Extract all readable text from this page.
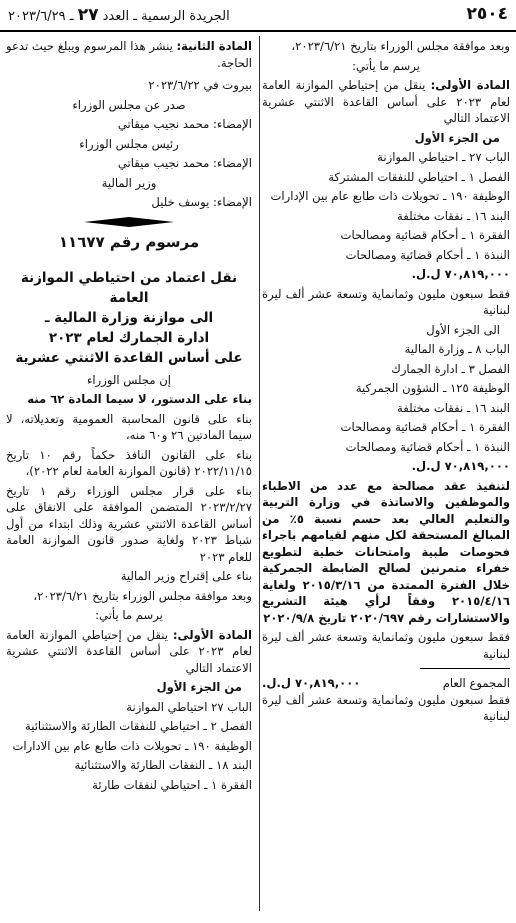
٢٥٠٤
الجريدة الرسمية ـ العدد ٢٧ ـ ٢٠٢٣/٦/٢٩

وبعد موافقة مجلس الوزراء بتاريخ ٢٠٢٣/٦/٢١،

يرسم ما يأتي:

المادة الأولى: ينقل من إحتياطي الموازنة العامة لعام ٢٠٢٣ على أساس القاعدة الاثنتي عشرية الاعتماد التالي

من الجزء الأول

الباب ٢٧ ـ احتياطي الموازنة

الفصل ١ ـ احتياطي للنفقات المشتركة

الوظيفة ١٩٠ ـ تحويلات ذات طابع عام بين الإدارات

البند ١٦ ـ نفقات مختلفة

الفقرة ١ ـ أحكام قضائية ومصالحات

النبذة ١ ـ أحكام قضائية ومصالحات

٧٠,٨١٩,٠٠٠ ل.ل.

فقط سبعون مليون وثمانماية وتسعة عشر ألف ليرة لبنانية

الى الجزء الأول

الباب ٨ ـ وزارة المالية

الفصل ٣ ـ ادارة الجمارك

الوظيفة ١٢٥ ـ الشؤون الجمركية

البند ١٦ ـ نفقات مختلفة

الفقرة ١ ـ أحكام قضائية ومصالحات

النبذة ١ ـ أحكام قضائية ومصالحات

٧٠,٨١٩,٠٠٠ ل.ل.

لتنفيذ عقد مصالحة مع عدد من الاطباء والموظفين والاساتذة في وزارة التربية والتعليم العالي بعد حسم نسبة ٥٪ من المبالغ المستحقة لكل منهم لقيامهم باجراء فحوصات طبية وامتحانات خطية لتطويع خفراء متمرنين لصالح الضابطة الجمركية خلال الفترة الممتدة من ٢٠١٥/٣/١٦ ولغاية ٢٠١٥/٤/١٦ وفقاً لرأي هيئة التشريع والاستشارات رقم ٢٠٢٠/٦٩٧ تاريخ ٢٠٢٠/٩/٨

فقط سبعون مليون وثمانماية وتسعة عشر ألف ليرة لبنانية

المجموع العام
٧٠,٨١٩,٠٠٠ ل.ل.

فقط سبعون مليون وثمانماية وتسعة عشر ألف ليرة لبنانية

المادة الثانية: ينشر هذا المرسوم ويبلغ حيث تدعو الحاجة.

بيروت في ٢٠٢٣/٦/٢٢

صدر عن مجلس الوزراء

الإمضاء: محمد نجيب ميقاتي

رئيس مجلس الوزراء

الإمضاء: محمد نجيب ميقاتي

وزير المالية

الإمضاء: يوسف خليل

مرسوم رقم ١١٦٧٧

نقل اعتماد من احتياطي الموازنة العامة

الى موازنة وزارة المالية ـ

ادارة الجمارك لعام ٢٠٢٣

على أساس القاعدة الاثنتي عشرية

إن مجلس الوزراء

بناء على الدستور، لا سيما المادة ٦٢ منه

بناء على قانون المحاسبة العمومية وتعديلاته، لا سيما المادتين ٢٦ و٦٠ منه،

بناء على القانون النافذ حكماً رقم ١٠ تاريخ ٢٠٢٢/١١/١٥ (قانون الموازنة العامة لعام ٢٠٢٢)،

بناء على قرار مجلس الوزراء رقم ١ تاريخ ٢٠٢٣/٢/٢٧ المتضمن الموافقة على الانفاق على أساس القاعدة الاثنتي عشرية وذلك ابتداء من أول شباط ٢٠٢٣ ولغاية صدور قانون الموازنة العامة للعام ٢٠٢٣

بناء على إقتراح وزير المالية

وبعد موافقة مجلس الوزراء بتاريخ ٢٠٢٣/٦/٢١،

يرسم ما يأتي:

المادة الأولى: ينقل من إحتياطي الموازنة العامة لعام ٢٠٢٣ على أساس القاعدة الاثنتي عشرية الاعتماد التالي

من الجزء الأول

الباب ٢٧ احتياطي الموازنة

الفصل ٢ ـ احتياطي للنفقات الطارئة والاستثنائية

الوظيفة ١٩٠ ـ تحويلات ذات طابع عام بين الادارات

البند ١٨ ـ النفقات الطارئة والاستثنائية

الفقرة ١ ـ احتياطي لنفقات طارئة
